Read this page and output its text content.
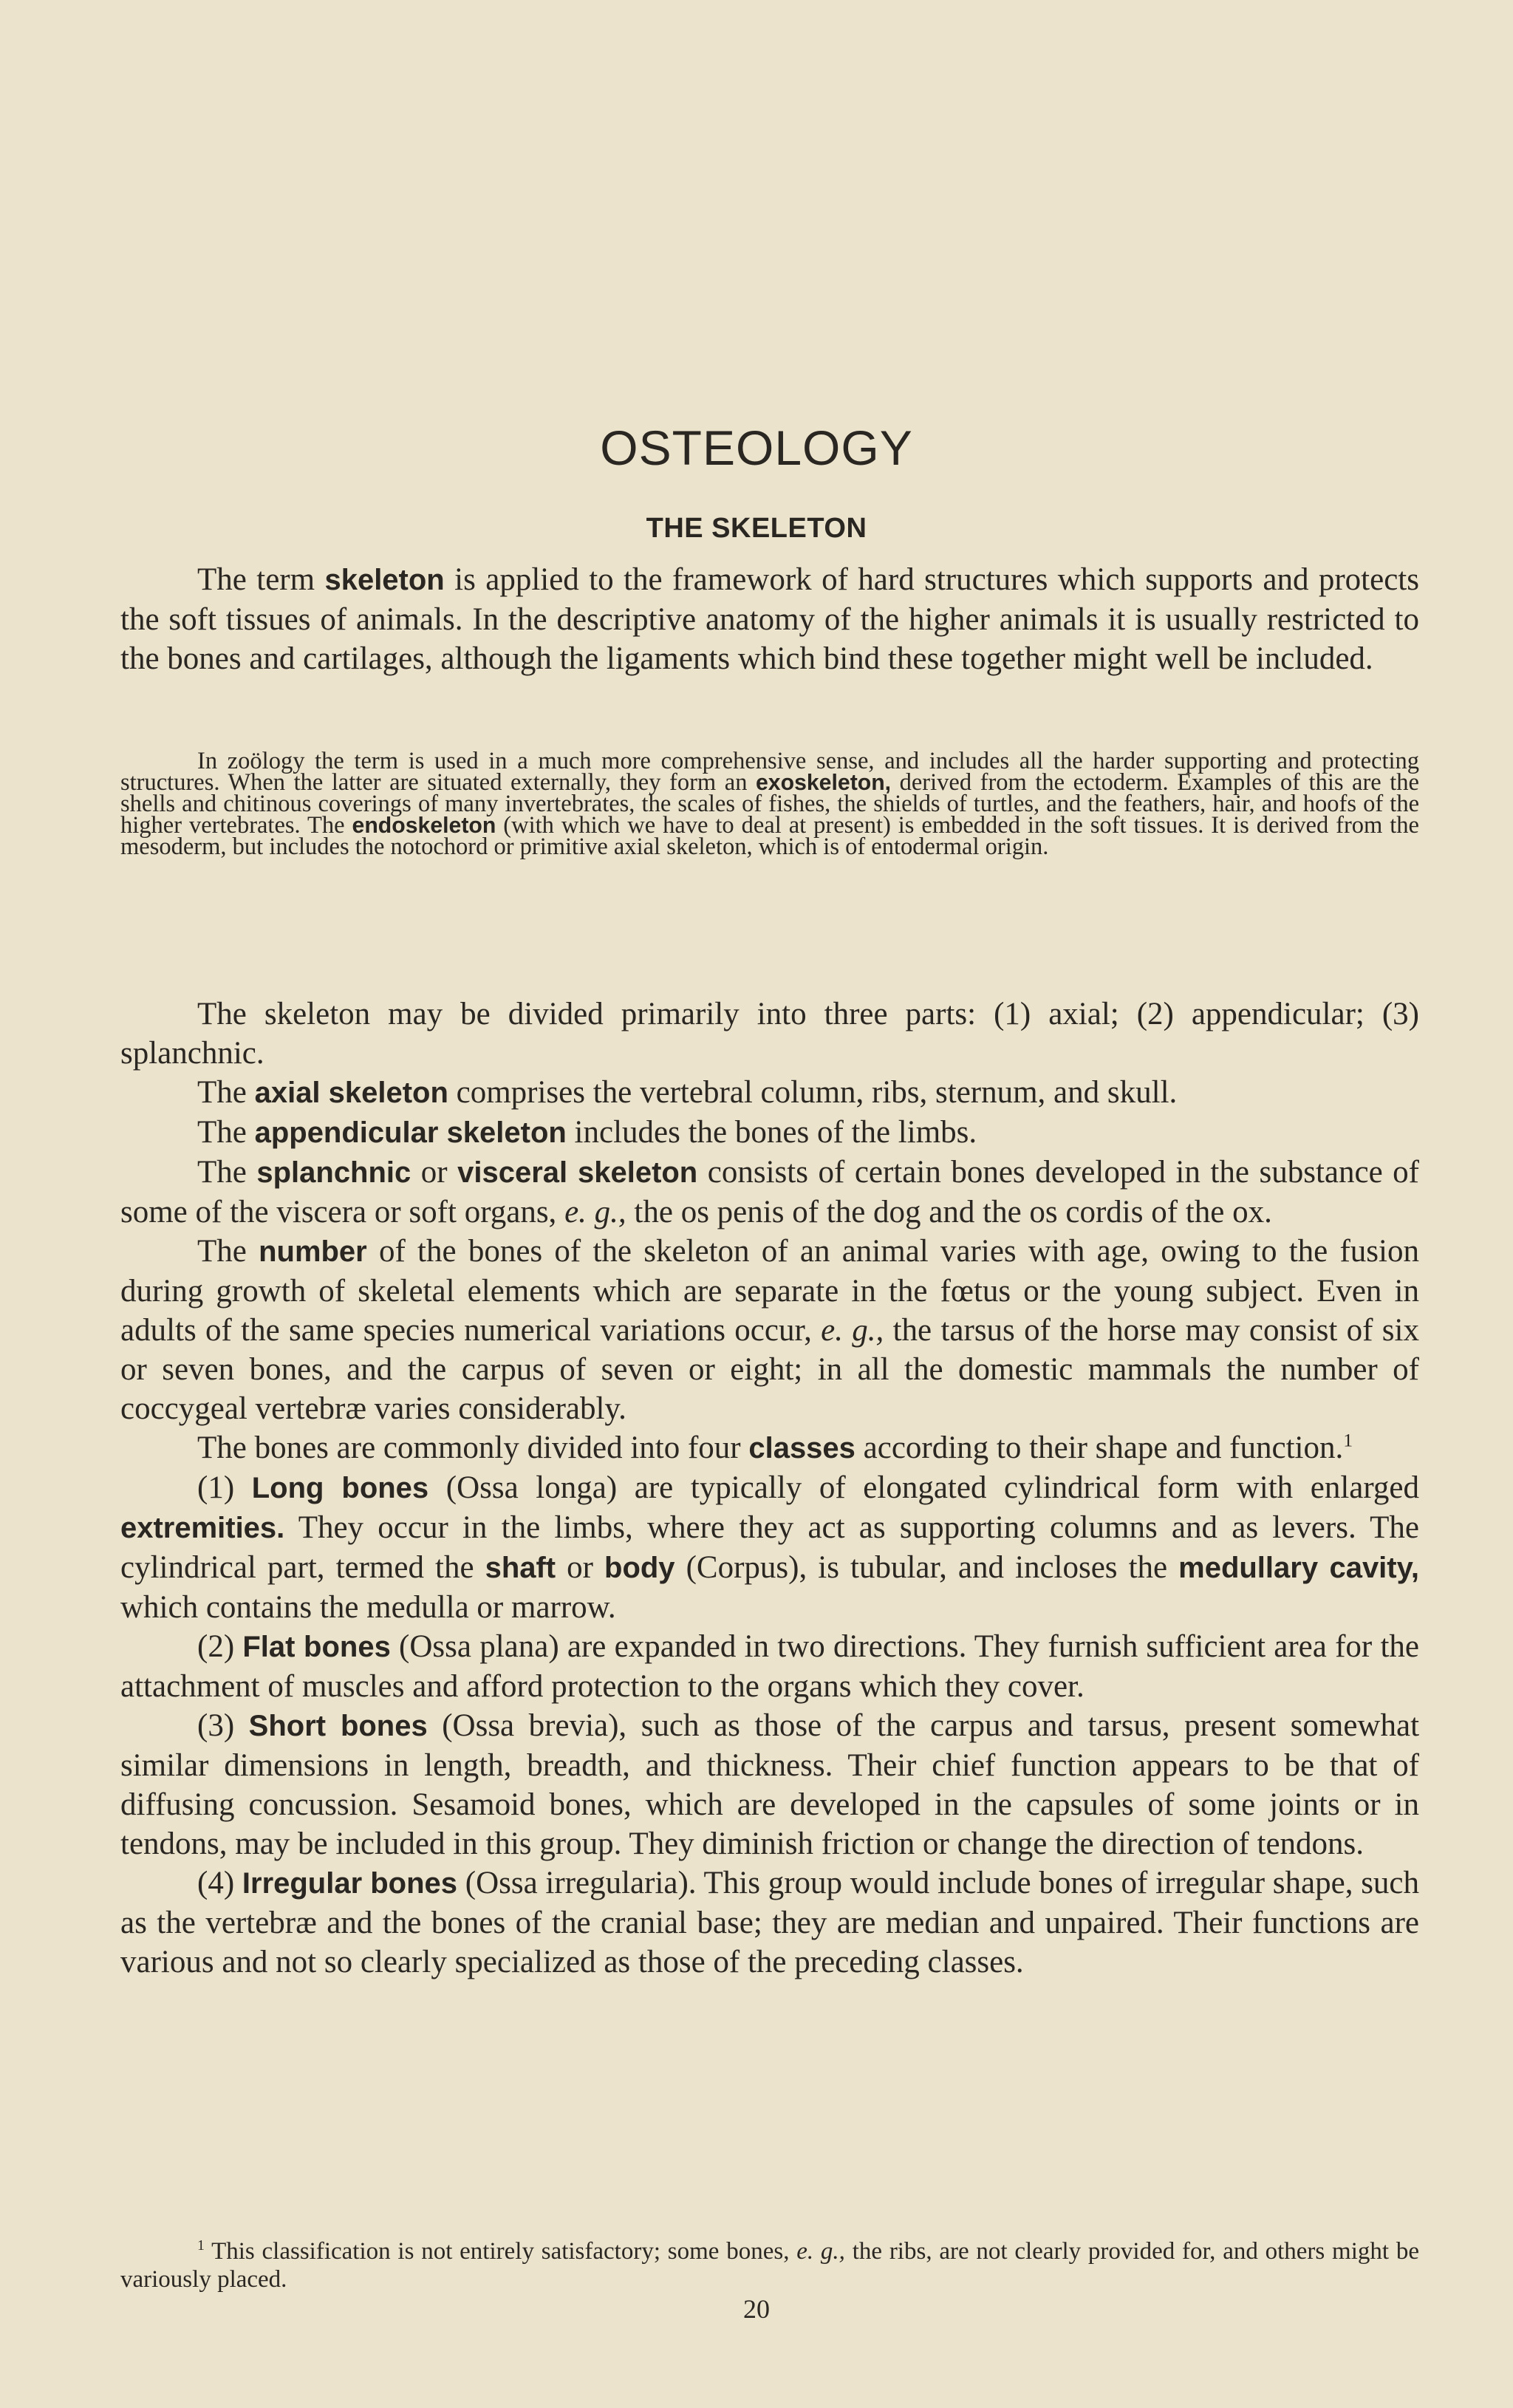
OSTEOLOGY
THE SKELETON

The term skeleton is applied to the framework of hard structures which supports and protects the soft tissues of animals. In the descriptive anatomy of the higher animals it is usually restricted to the bones and cartilages, although the ligaments which bind these together might well be included.

In zoölogy the term is used in a much more comprehensive sense, and includes all the harder supporting and protecting structures. When the latter are situated externally, they form an exoskeleton, derived from the ectoderm. Examples of this are the shells and chitinous coverings of many invertebrates, the scales of fishes, the shields of turtles, and the feathers, hair, and hoofs of the higher vertebrates. The endoskeleton (with which we have to deal at present) is embedded in the soft tissues. It is derived from the mesoderm, but includes the notochord or primitive axial skeleton, which is of entodermal origin.

The skeleton may be divided primarily into three parts: (1) axial; (2) appendicular; (3) splanchnic.

The axial skeleton comprises the vertebral column, ribs, sternum, and skull.

The appendicular skeleton includes the bones of the limbs.

The splanchnic or visceral skeleton consists of certain bones developed in the substance of some of the viscera or soft organs, e. g., the os penis of the dog and the os cordis of the ox.

The number of the bones of the skeleton of an animal varies with age, owing to the fusion during growth of skeletal elements which are separate in the fœtus or the young subject. Even in adults of the same species numerical variations occur, e. g., the tarsus of the horse may consist of six or seven bones, and the carpus of seven or eight; in all the domestic mammals the number of coccygeal vertebræ varies considerably.

The bones are commonly divided into four classes according to their shape and function.$^1$

(1) Long bones (Ossa longa) are typically of elongated cylindrical form with enlarged extremities. They occur in the limbs, where they act as supporting columns and as levers. The cylindrical part, termed the shaft or body (Corpus), is tubular, and incloses the medullary cavity, which contains the medulla or marrow.

(2) Flat bones (Ossa plana) are expanded in two directions. They furnish sufficient area for the attachment of muscles and afford protection to the organs which they cover.

(3) Short bones (Ossa brevia), such as those of the carpus and tarsus, present somewhat similar dimensions in length, breadth, and thickness. Their chief function appears to be that of diffusing concussion. Sesamoid bones, which are developed in the capsules of some joints or in tendons, may be included in this group. They diminish friction or change the direction of tendons.

(4) Irregular bones (Ossa irregularia). This group would include bones of irregular shape, such as the vertebræ and the bones of the cranial base; they are median and unpaired. Their functions are various and not so clearly specialized as those of the preceding classes.

$^1$ This classification is not entirely satisfactory; some bones, e. g., the ribs, are not clearly provided for, and others might be variously placed.

20
